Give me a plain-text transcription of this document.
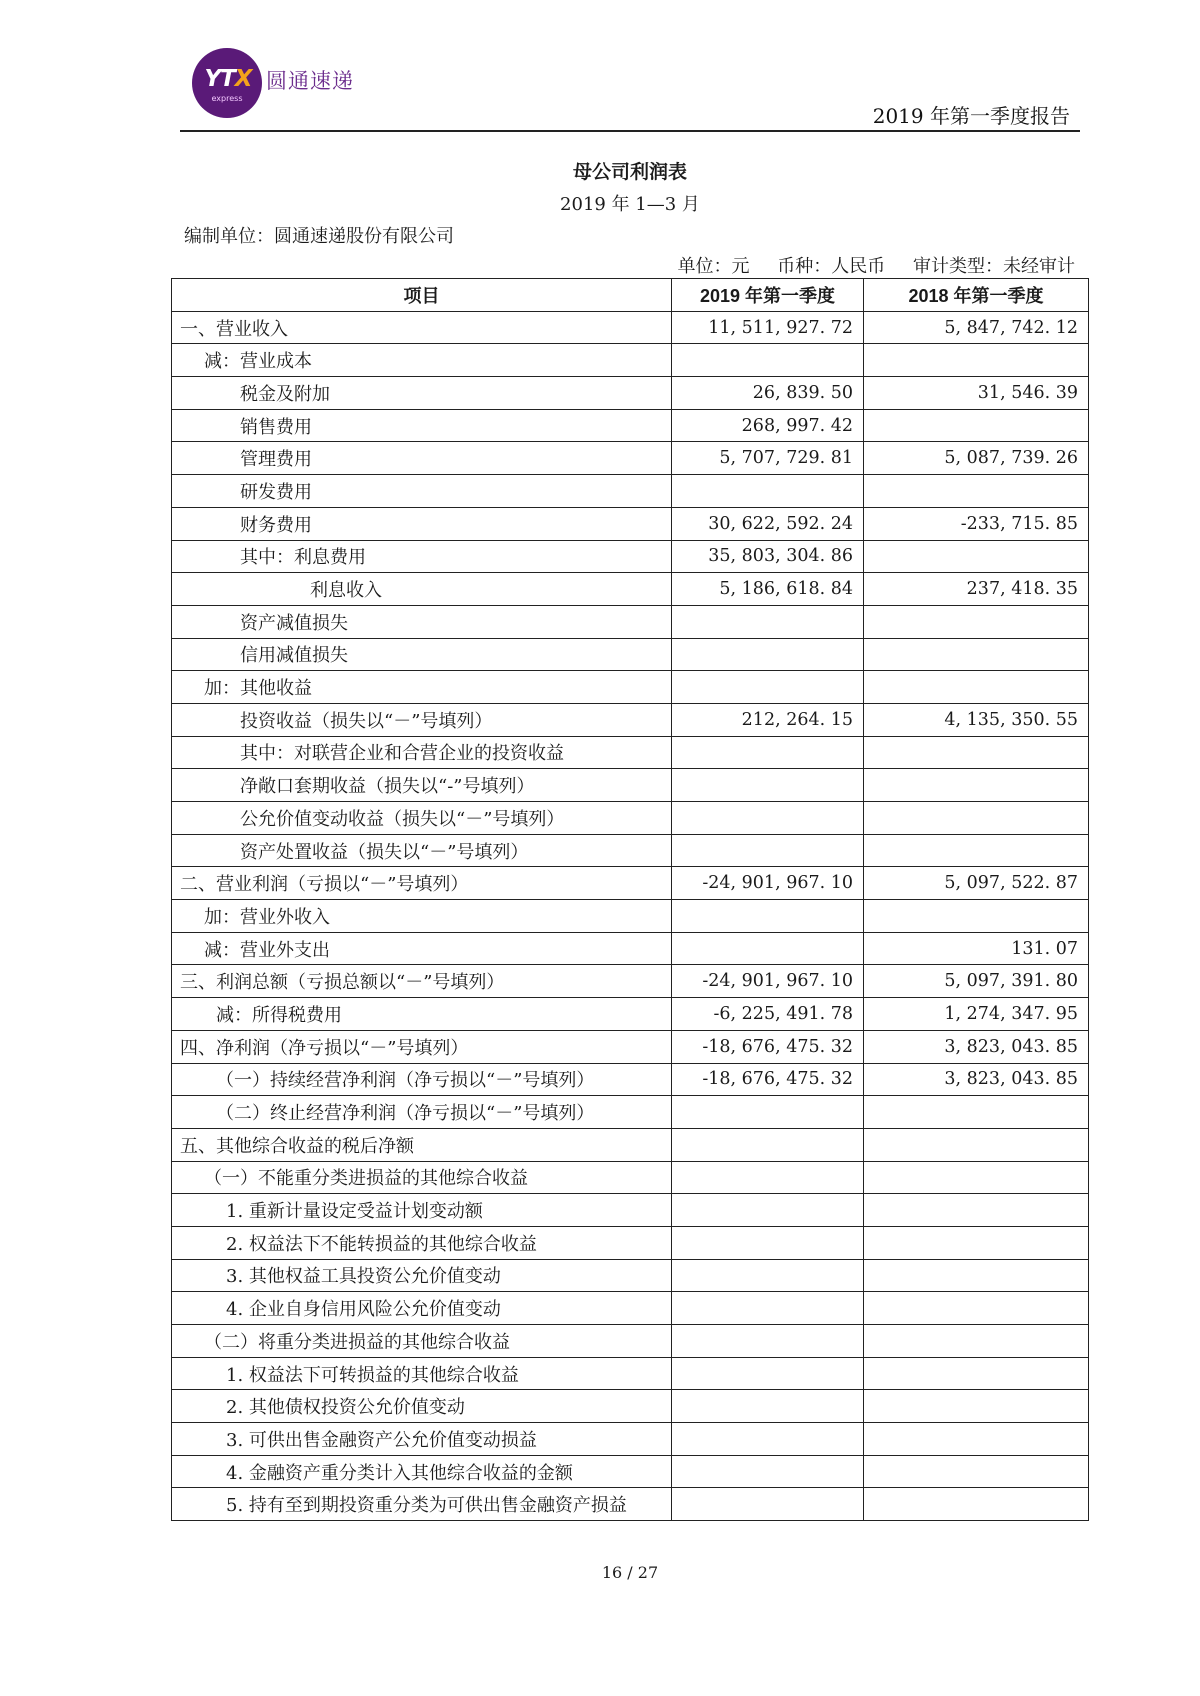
YTX
express
圆通速递
2019 年第一季度报告
母公司利润表
2019 年 1—3 月
编制单位：圆通速递股份有限公司
单位：元 币种：人民币 审计类型：未经审计
项目	2019 年第一季度	2018 年第一季度
一、营业收入	11, 511, 927. 72	5, 847, 742. 12
减：营业成本		
税金及附加	26, 839. 50	31, 546. 39
销售费用	268, 997. 42	
管理费用	5, 707, 729. 81	5, 087, 739. 26
研发费用		
财务费用	30, 622, 592. 24	-233, 715. 85
其中：利息费用	35, 803, 304. 86	
利息收入	5, 186, 618. 84	237, 418. 35
资产减值损失		
信用减值损失		
加：其他收益		
投资收益（损失以“－”号填列）	212, 264. 15	4, 135, 350. 55
其中：对联营企业和合营企业的投资收益		
净敞口套期收益（损失以“-”号填列）		
公允价值变动收益（损失以“－”号填列）		
资产处置收益（损失以“－”号填列）		
二、营业利润（亏损以“－”号填列）	-24, 901, 967. 10	5, 097, 522. 87
加：营业外收入		
减：营业外支出		131. 07
三、利润总额（亏损总额以“－”号填列）	-24, 901, 967. 10	5, 097, 391. 80
减：所得税费用	-6, 225, 491. 78	1, 274, 347. 95
四、净利润（净亏损以“－”号填列）	-18, 676, 475. 32	3, 823, 043. 85
（一）持续经营净利润（净亏损以“－”号填列）	-18, 676, 475. 32	3, 823, 043. 85
（二）终止经营净利润（净亏损以“－”号填列）		
五、其他综合收益的税后净额		
（一）不能重分类进损益的其他综合收益		
1. 重新计量设定受益计划变动额		
2. 权益法下不能转损益的其他综合收益		
3. 其他权益工具投资公允价值变动		
4. 企业自身信用风险公允价值变动		
（二）将重分类进损益的其他综合收益		
1. 权益法下可转损益的其他综合收益		
2. 其他债权投资公允价值变动		
3. 可供出售金融资产公允价值变动损益		
4. 金融资产重分类计入其他综合收益的金额		
5. 持有至到期投资重分类为可供出售金融资产损益		
16 / 27
